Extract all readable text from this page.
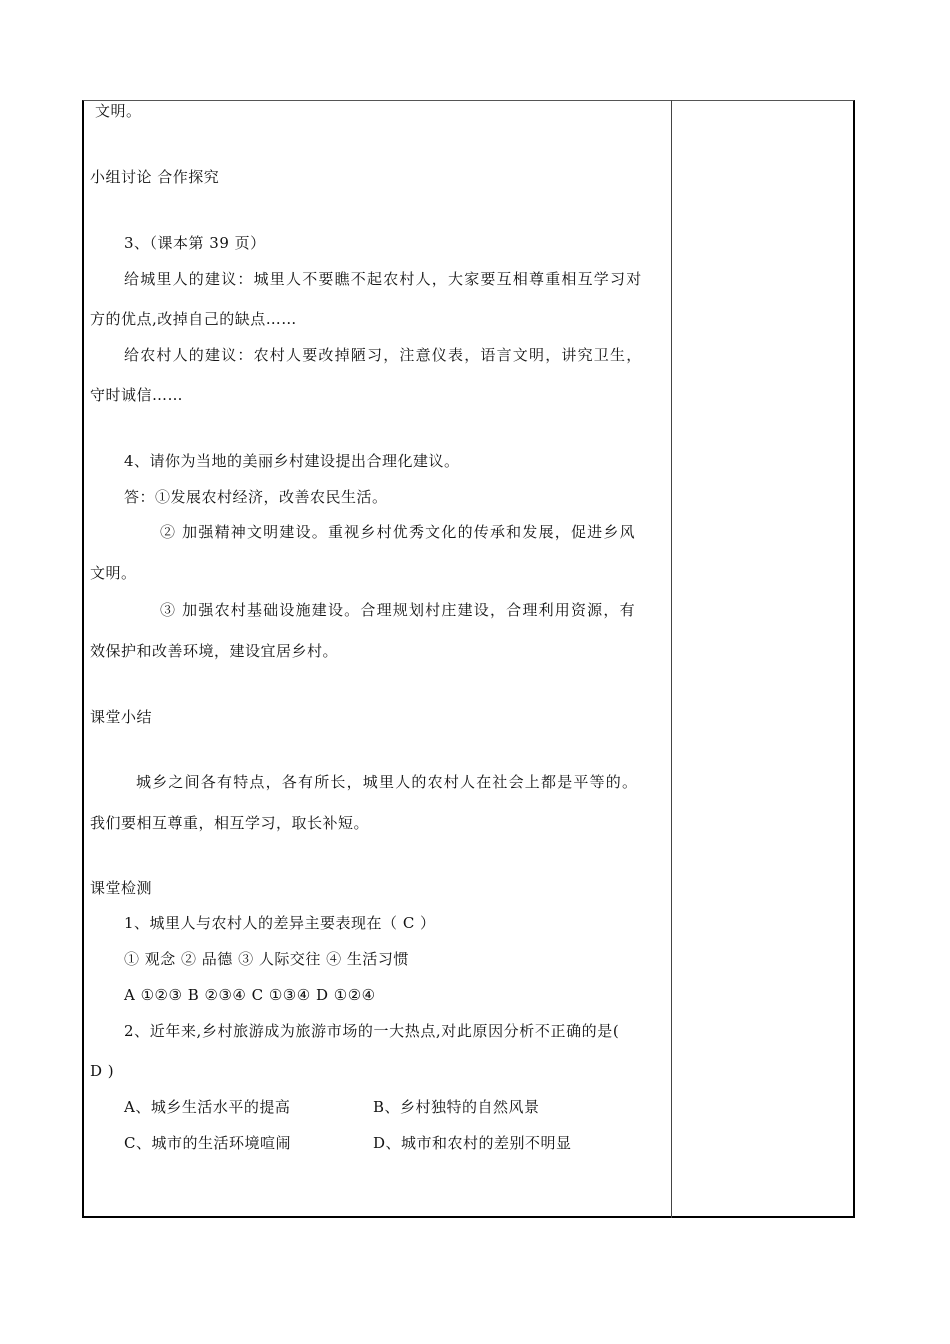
文明。
小组讨论 合作探究
3、（课本第 39 页）
给城里人的建议：城里人不要瞧不起农村人，大家要互相尊重相互学习对
方的优点,改掉自己的缺点……
给农村人的建议：农村人要改掉陋习，注意仪表，语言文明，讲究卫生，
守时诚信……
4、请你为当地的美丽乡村建设提出合理化建议。
答：①发展农村经济，改善农民生活。
② 加强精神文明建设。重视乡村优秀文化的传承和发展，促进乡风
文明。
③ 加强农村基础设施建设。合理规划村庄建设，合理利用资源，有
效保护和改善环境，建设宜居乡村。
课堂小结
城乡之间各有特点，各有所长，城里人的农村人在社会上都是平等的。
我们要相互尊重，相互学习，取长补短。
课堂检测
1、城里人与农村人的差异主要表现在（ C ）
① 观念 ② 品德 ③ 人际交往 ④ 生活习惯
A ①②③ B ②③④ C ①③④ D ①②④
2、近年来,乡村旅游成为旅游市场的一大热点,对此原因分析不正确的是(
D )
A、城乡生活水平的提高	B、乡村独特的自然风景
C、城市的生活环境喧闹	D、城市和农村的差别不明显
